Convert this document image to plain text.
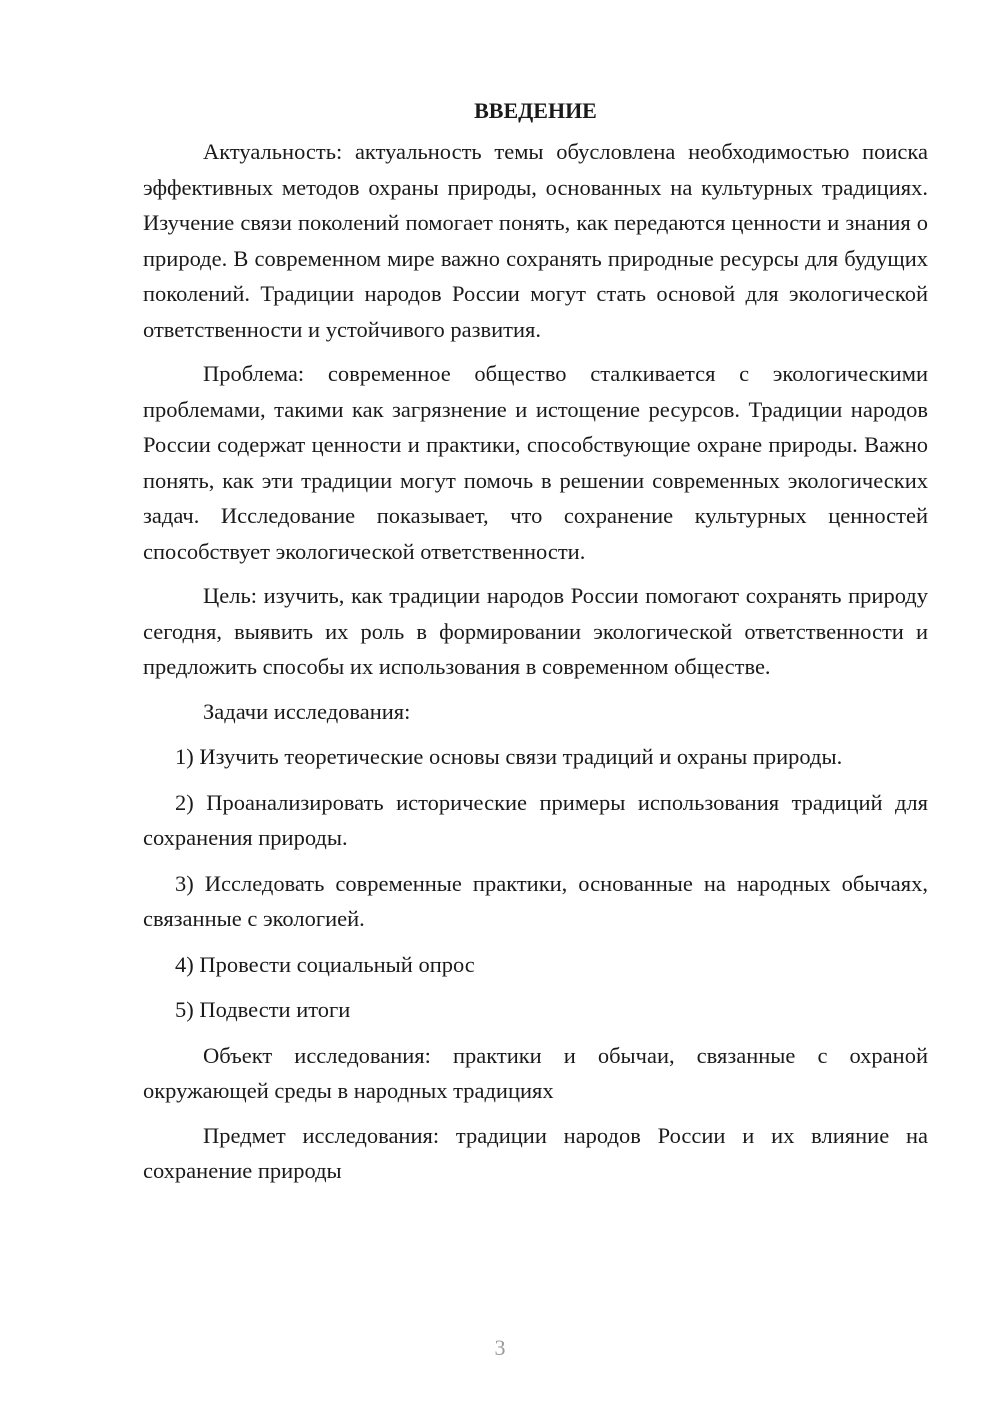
ВВЕДЕНИЕ

Актуальность: актуальность темы обусловлена необходимостью поиска эффективных методов охраны природы, основанных на культурных традициях. Изучение связи поколений помогает понять, как передаются ценности и знания о природе. В современном мире важно сохранять природные ресурсы для будущих поколений. Традиции народов России могут стать основой для экологической ответственности и устойчивого развития.

Проблема: современное общество сталкивается с экологическими проблемами, такими как загрязнение и истощение ресурсов. Традиции народов России содержат ценности и практики, способствующие охране природы. Важно понять, как эти традиции могут помочь в решении современных экологических задач. Исследование показывает, что сохранение культурных ценностей способствует экологической ответственности.

Цель: изучить, как традиции народов России помогают сохранять природу сегодня, выявить их роль в формировании экологической ответственности и предложить способы их использования в современном обществе.

Задачи исследования:

1) Изучить теоретические основы связи традиций и охраны природы.

2) Проанализировать исторические примеры использования традиций для сохранения природы.

3) Исследовать современные практики, основанные на народных обычаях, связанные с экологией.

4) Провести социальный опрос

5) Подвести итоги

Объект исследования: практики и обычаи, связанные с охраной окружающей среды в народных традициях

Предмет исследования: традиции народов России и их влияние на сохранение природы

3
